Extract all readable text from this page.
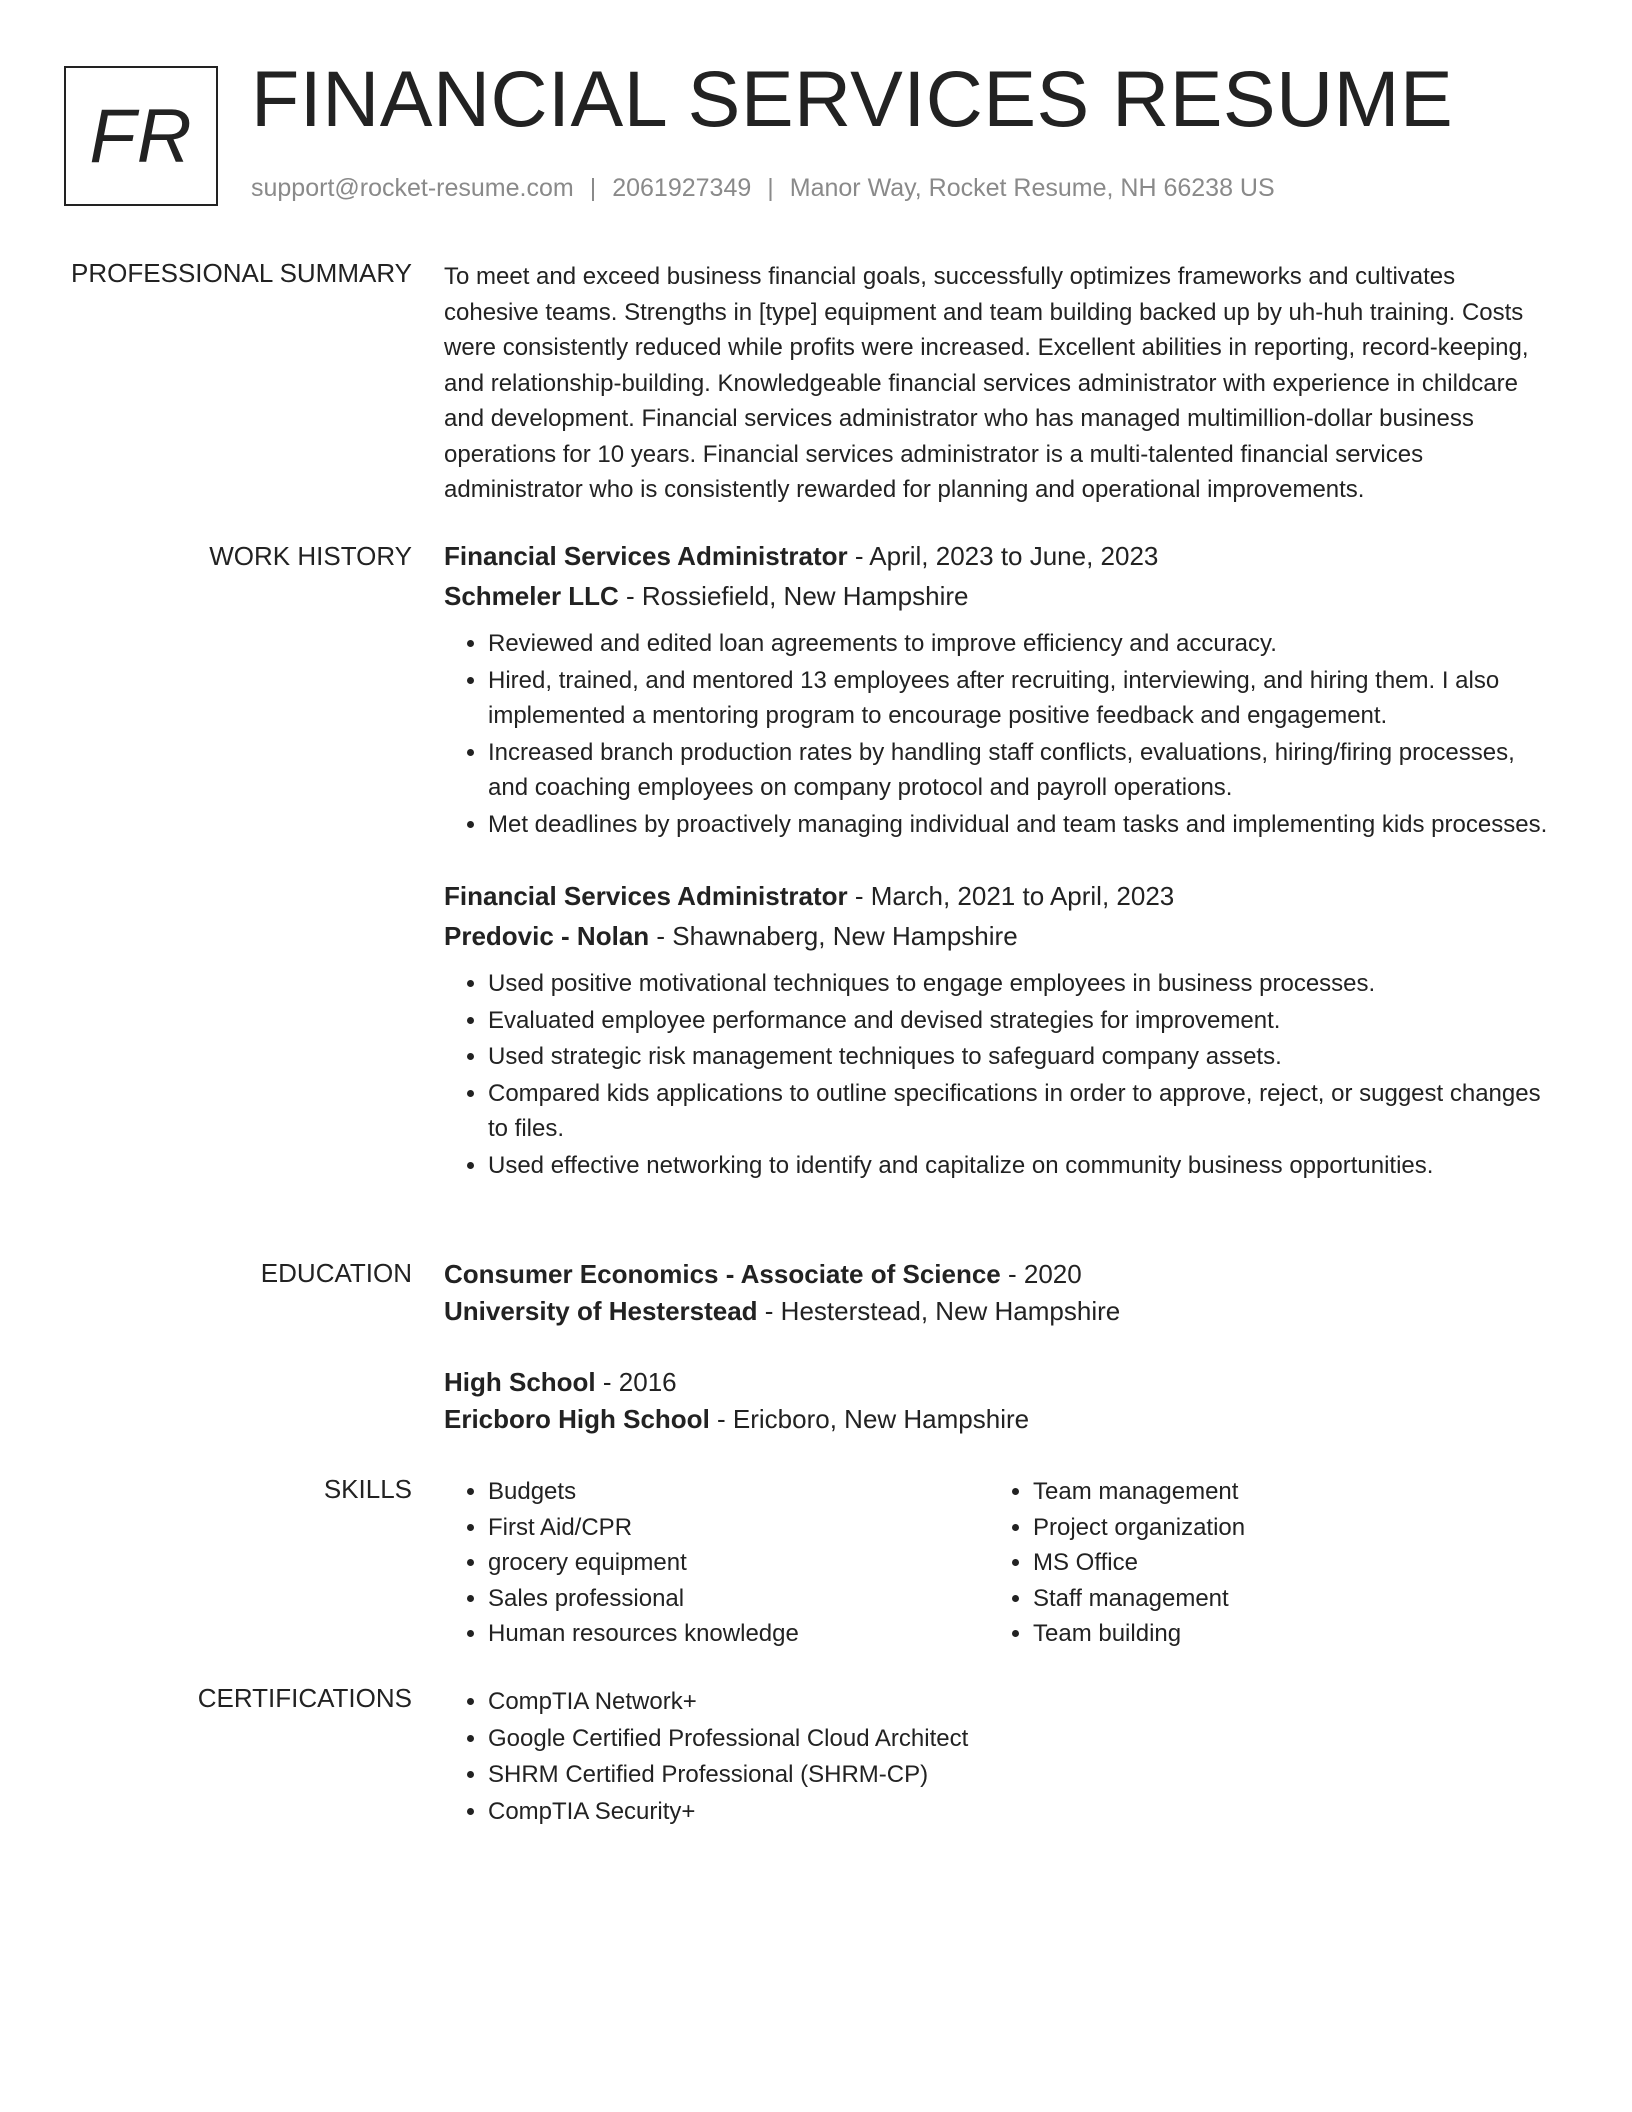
FR FINANCIAL SERVICES RESUME
support@rocket-resume.com | 2061927349 | Manor Way, Rocket Resume, NH 66238 US
PROFESSIONAL SUMMARY To meet and exceed business financial goals, successfully optimizes frameworks and cultivates cohesive teams. Strengths in [type] equipment and team building backed up by uh-huh training. Costs were consistently reduced while profits were increased. Excellent abilities in reporting, record-keeping, and relationship-building. Knowledgeable financial services administrator with experience in childcare and development. Financial services administrator who has managed multimillion-dollar business operations for 10 years. Financial services administrator is a multi-talented financial services administrator who is consistently rewarded for planning and operational improvements.

WORK HISTORY Financial Services Administrator - April, 2023 to June, 2023
Schmeler LLC - Rossiefield, New Hampshire
• Reviewed and edited loan agreements to improve efficiency and accuracy.
• Hired, trained, and mentored 13 employees after recruiting, interviewing, and hiring them. I also implemented a mentoring program to encourage positive feedback and engagement.
• Increased branch production rates by handling staff conflicts, evaluations, hiring/firing processes, and coaching employees on company protocol and payroll operations.
• Met deadlines by proactively managing individual and team tasks and implementing kids processes.
Financial Services Administrator - March, 2021 to April, 2023
Predovic - Nolan - Shawnaberg, New Hampshire
• Used positive motivational techniques to engage employees in business processes.
• Evaluated employee performance and devised strategies for improvement.
• Used strategic risk management techniques to safeguard company assets.
• Compared kids applications to outline specifications in order to approve, reject, or suggest changes to files.
• Used effective networking to identify and capitalize on community business opportunities.
EDUCATION Consumer Economics - Associate of Science - 2020
University of Hesterstead - Hesterstead, New Hampshire
High School - 2016
Ericboro High School - Ericboro, New Hampshire
SKILLS	• Budgets
• First Aid/CPR
• grocery equipment
• Sales professional
• Human resources knowledge
• Team management
• Project organization
• MS Office
• Staff management
• Team building
CERTIFICATIONS	• CompTIA Network+
• Google Certified Professional Cloud Architect
• SHRM Certified Professional (SHRM-CP)
• CompTIA Security+
